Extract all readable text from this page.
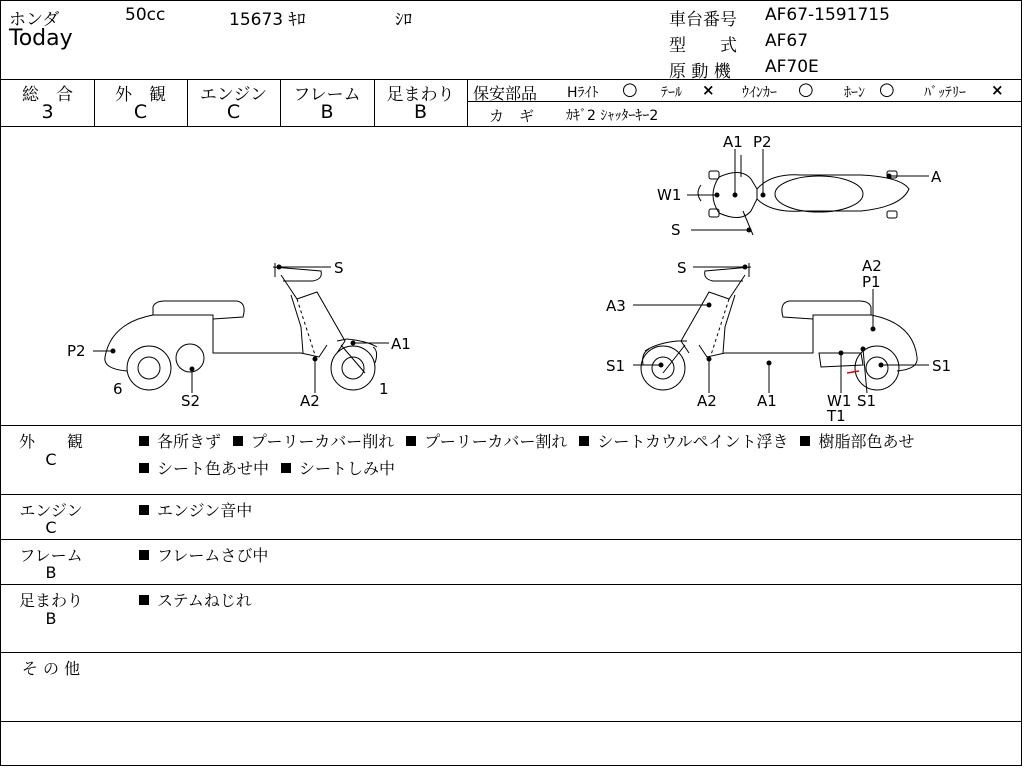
ホンダ	50cc	15673 ｷﾛ	ｼﾛ
Today
車台番号 AF67-1591715
型　　式 AF67
原 動 機 AF70E
総　合
3
外　観
C
エンジン
C
フレーム
B
足まわり
B
保安部品 Hﾗｲﾄ ○ ﾃｰﾙ × ｳｲﾝｶｰ ○ ﾎｰﾝ ○ ﾊﾞｯﾃﾘｰ ×
カ　ギ ｶｷﾞ2 ｼｬｯﾀｰｷｰ2
S
A1
P2
6	1
S2	A2
S	A2
P1
A3
S1	S1
A2	A1	W1
T1
S1
A1 P2
A
W1
S
外　　観
C
各所きず	プーリーカバー削れ	プーリーカバー割れ	シートカウルペイント浮き	樹脂部色あせ
シート色あせ中	シートしみ中
エンジン
C
エンジン音中
フレーム
B
フレームさび中
足まわり
B
ステムねじれ
そ の 他
